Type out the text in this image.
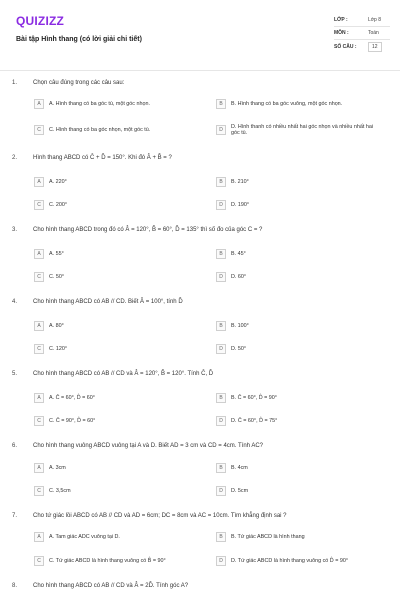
QUIZIZZ
Bài tập Hình thang (có lời giải chi tiết)
LỚP :	Lớp 8
MÔN :	Toán
SỐ CÂU :	12
1.	Chọn câu đúng trong các câu sau:
A	A. Hình thang có ba góc tù, một góc nhọn.	B	B. Hình thang có ba góc vuông, một góc nhọn.
C	C. Hình thang có ba góc nhọn, một góc tù.	D	D. Hình thanh có nhiều nhất hai góc nhọn và nhiều nhất hai góc tù.
2.	Hình thang ABCD có Ĉ + D̂ = 150°. Khi đó Â + B̂ = ?
A	A. 220°	B	B. 210°
C	C. 200°	D	D. 190°
3.	Cho hình thang ABCD trong đó có Â = 120°, B̂ = 60°, D̂ = 135° thì số đo của góc C = ?
A	A. 55°	B	B. 45°
C	C. 50°	D	D. 60°
4.	Cho hình thang ABCD có AB // CD. Biết Â = 100°, tính D̂
A	A. 80°	B	B. 100°
C	C. 120°	D	D. 50°
5.	Cho hình thang ABCD có AB // CD và Â = 120°, B̂ = 120°. Tính Ĉ, D̂
A	A. Ĉ = 60°, D̂ = 60°	B	B. Ĉ = 60°, D̂ = 90°
C	C. Ĉ = 90°, D̂ = 60°	D	D. Ĉ = 60°, D̂ = 75°
6.	Cho hình thang vuông ABCD vuông tại A và D. Biết AD = 3 cm và CD = 4cm. Tính AC?
A	A. 3cm	B	B. 4cm
C	C. 3,5cm	D	D. 5cm
7.	Cho tứ giác lồi ABCD có AB // CD và AD = 6cm; DC = 8cm và AC = 10cm. Tìm khẳng định sai ?
A	A. Tam giác ADC vuông tại D.	B	B. Tứ giác ABCD là hình thang
C	C. Tứ giác ABCD là hình thang vuông có B̂ = 90°	D	D. Tứ giác ABCD là hình thang vuông có D̂ = 90°
8.	Cho hình thang ABCD có AB // CD và Â = 2D̂. Tính góc A?
